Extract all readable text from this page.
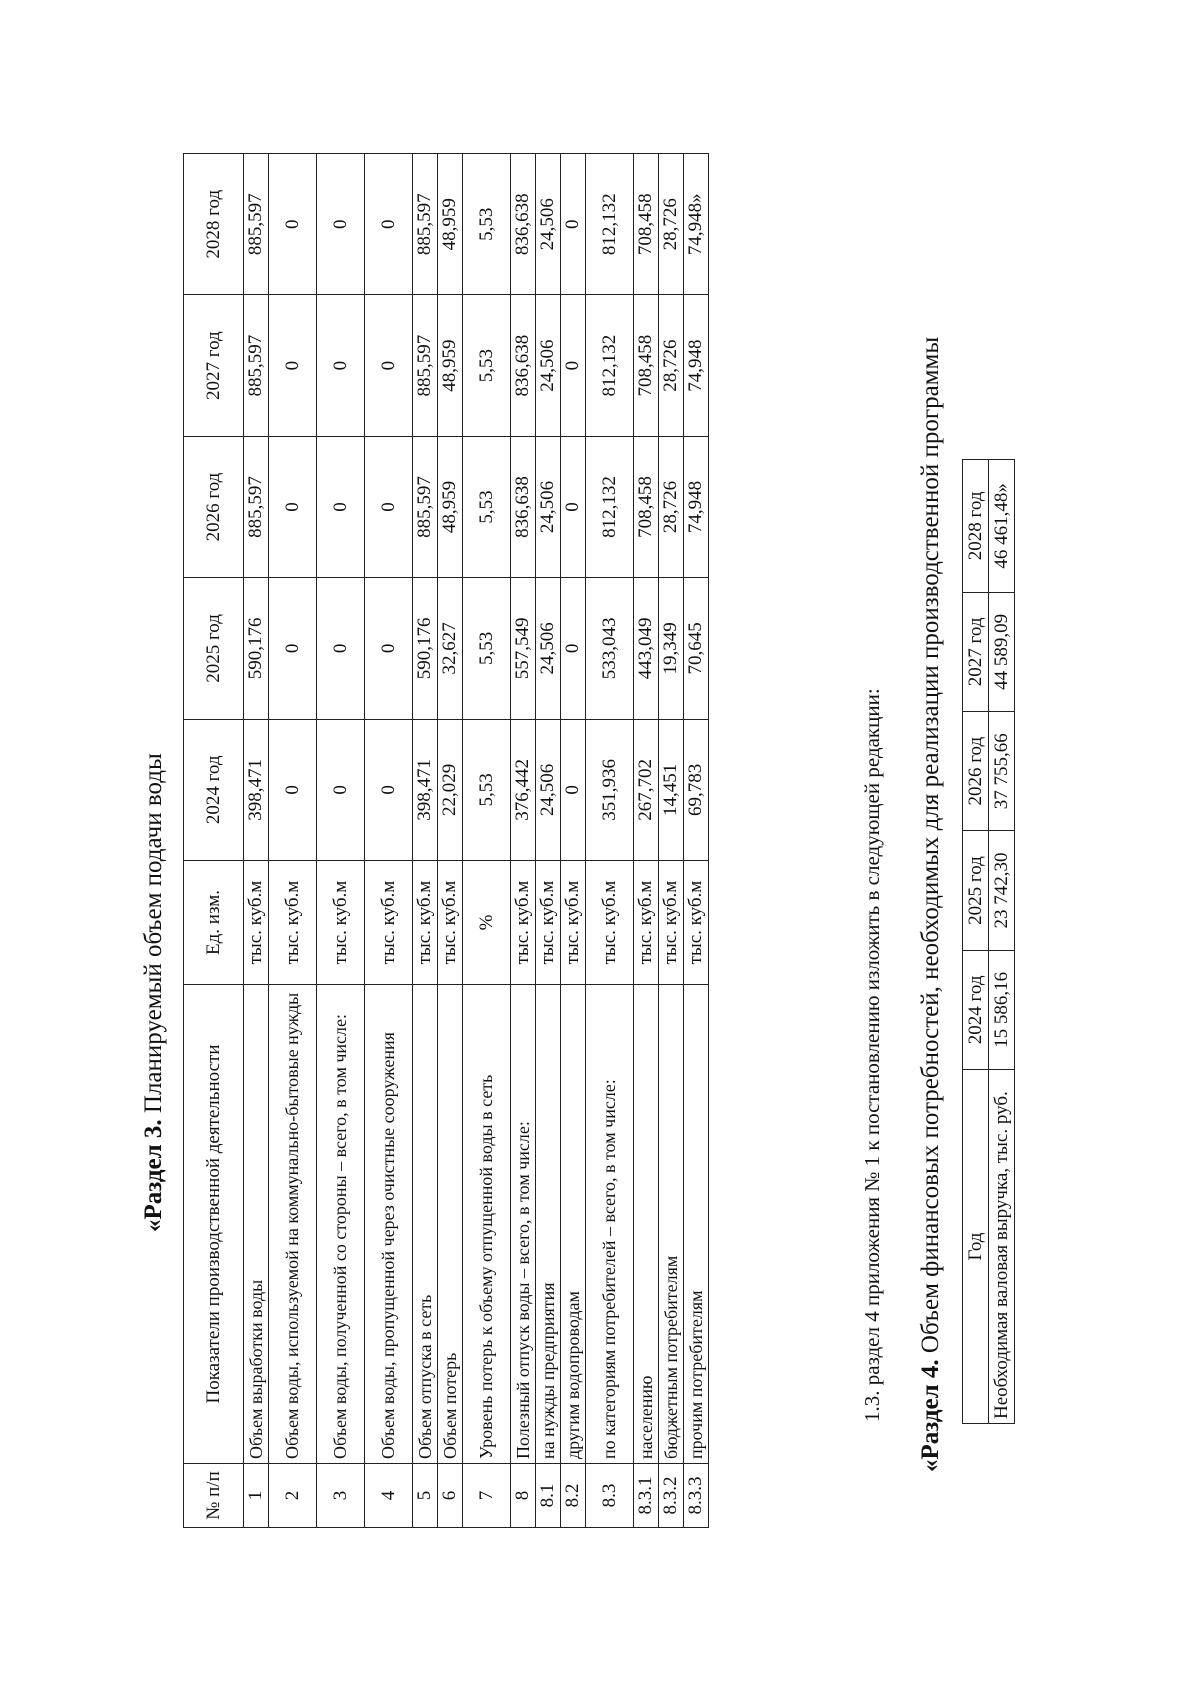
«Раздел 3. Планируемый объем подачи воды
№ п/п	Показатели производственной деятельности	Ед. изм.	2024 год	2025 год	2026 год	2027 год	2028 год
1	Объем выработки воды	тыс. куб.м	398,471	590,176	885,597	885,597	885,597
2	Объем воды, используемой на коммунально-бытовые нужды	тыс. куб.м	0	0	0	0	0
3	Объем воды, полученной со стороны – всего, в том числе:	тыс. куб.м	0	0	0	0	0
4	Объем воды, пропущенной через очистные сооружения	тыс. куб.м	0	0	0	0	0
5	Объем отпуска в сеть	тыс. куб.м	398,471	590,176	885,597	885,597	885,597
6	Объем потерь	тыс. куб.м	22,029	32,627	48,959	48,959	48,959
7	Уровень потерь к объему отпущенной воды в сеть	%	5,53	5,53	5,53	5,53	5,53
8	Полезный отпуск воды – всего, в том числе:	тыс. куб.м	376,442	557,549	836,638	836,638	836,638
8.1	на нужды предприятия	тыс. куб.м	24,506	24,506	24,506	24,506	24,506
8.2	другим водопроводам	тыс. куб.м	0	0	0	0	0
8.3	по категориям потребителей – всего, в том числе:	тыс. куб.м	351,936	533,043	812,132	812,132	812,132
8.3.1	населению	тыс. куб.м	267,702	443,049	708,458	708,458	708,458
8.3.2	бюджетным потребителям	тыс. куб.м	14,451	19,349	28,726	28,726	28,726
8.3.3	прочим потребителям	тыс. куб.м	69,783	70,645	74,948	74,948	74,948»
1.3. раздел 4 приложения № 1 к постановлению изложить в следующей редакции: «Раздел 4. Объем финансовых потребностей, необходимых для реализации производственной программы Год	2024 год	2025 год	2026 год	2027 год	2028 год
Необходимая валовая выручка, тыс. руб.	15 586,16	23 742,30	37 755,66	44 589,09	46 461,48»
